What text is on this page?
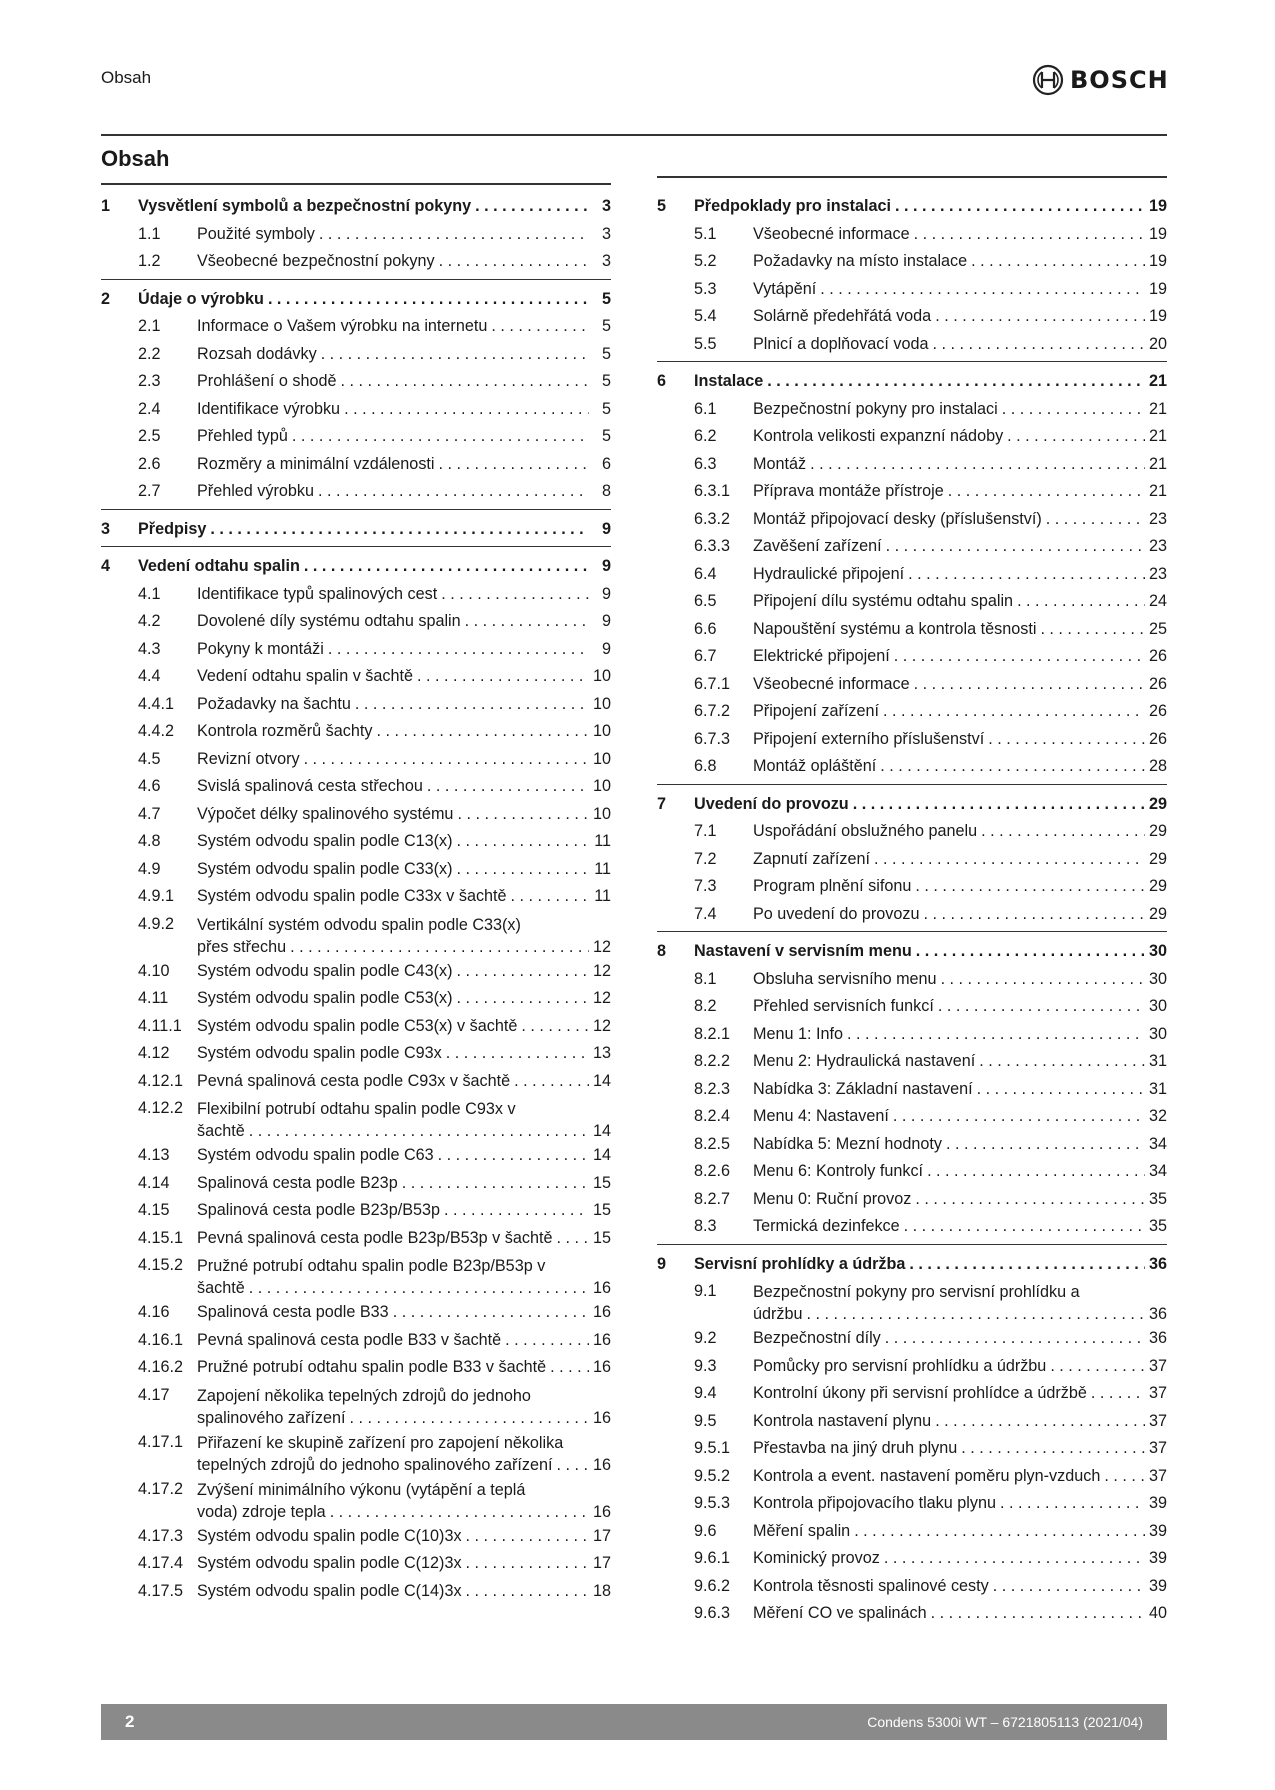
Obsah	BOSCH
Obsah
1 Vysvětlení symbolů a bezpečnostní pokyny . . .	3
1.1 Použité symboly . . .	3
1.2 Všeobecné bezpečnostní pokyny . . .	3
2 Údaje o výrobku . . .	5
2.1 Informace o Vašem výrobku na internetu . . .	5
2.2 Rozsah dodávky . . .	5
2.3 Prohlášení o shodě . . .	5
2.4 Identifikace výrobku . . .	5
2.5 Přehled typů . . .	5
2.6 Rozměry a minimální vzdálenosti . . .	6
2.7 Přehled výrobku . . .	8
3 Předpisy . . .	9
4 Vedení odtahu spalin . . .	9
4.1 Identifikace typů spalinových cest . . .	9
4.2 Dovolené díly systému odtahu spalin . . .	9
4.3 Pokyny k montáži . . .	9
4.4 Vedení odtahu spalin v šachtě . . .	10
4.4.1 Požadavky na šachtu . . .	10
4.4.2 Kontrola rozměrů šachty . . .	10
4.5 Revizní otvory . . .	10
4.6 Svislá spalinová cesta střechou . . .	10
4.7 Výpočet délky spalinového systému . . .	10
4.8 Systém odvodu spalin podle C13(x) . . .	11
4.9 Systém odvodu spalin podle C33(x) . . .	11
4.9.1 Systém odvodu spalin podle C33x v šachtě . . .	11
4.9.2 Vertikální systém odvodu spalin podle C33(x)
přes střechu . . .	12
4.10 Systém odvodu spalin podle C43(x) . . .	12
4.11 Systém odvodu spalin podle C53(x) . . .	12
4.11.1 Systém odvodu spalin podle C53(x) v šachtě . . .	12
4.12 Systém odvodu spalin podle C93x . . .	13
4.12.1 Pevná spalinová cesta podle C93x v šachtě . . .	14
4.12.2 Flexibilní potrubí odtahu spalin podle C93x v
šachtě . . .	14
4.13 Systém odvodu spalin podle C63 . . .	14
4.14 Spalinová cesta podle B23p . . .	15
4.15 Spalinová cesta podle B23p/B53p . . .	15
4.15.1 Pevná spalinová cesta podle B23p/B53p v šachtě . . .	15
4.15.2 Pružné potrubí odtahu spalin podle B23p/B53p v
šachtě . . .	16
4.16 Spalinová cesta podle B33 . . .	16
4.16.1 Pevná spalinová cesta podle B33 v šachtě . . .	16
4.16.2 Pružné potrubí odtahu spalin podle B33 v šachtě . . .	16
4.17 Zapojení několika tepelných zdrojů do jednoho
spalinového zařízení . . .	16
4.17.1 Přiřazení ke skupině zařízení pro zapojení několika
tepelných zdrojů do jednoho spalinového zařízení . . .	16
4.17.2 Zvýšení minimálního výkonu (vytápění a teplá
voda) zdroje tepla . . .	16
4.17.3 Systém odvodu spalin podle C(10)3x . . .	17
4.17.4 Systém odvodu spalin podle C(12)3x . . .	17
4.17.5 Systém odvodu spalin podle C(14)3x . . .	18
5 Předpoklady pro instalaci . . .	19
5.1 Všeobecné informace . . .	19
5.2 Požadavky na místo instalace . . .	19
5.3 Vytápění . . .	19
5.4 Solárně předehřátá voda . . .	19
5.5 Plnicí a doplňovací voda . . .	20
6 Instalace . . .	21
6.1 Bezpečnostní pokyny pro instalaci . . .	21
6.2 Kontrola velikosti expanzní nádoby . . .	21
6.3 Montáž . . .	21
6.3.1 Příprava montáže přístroje . . .	21
6.3.2 Montáž připojovací desky (příslušenství) . . .	23
6.3.3 Zavěšení zařízení . . .	23
6.4 Hydraulické připojení . . .	23
6.5 Připojení dílu systému odtahu spalin . . .	24
6.6 Napouštění systému a kontrola těsnosti . . .	25
6.7 Elektrické připojení . . .	26
6.7.1 Všeobecné informace . . .	26
6.7.2 Připojení zařízení . . .	26
6.7.3 Připojení externího příslušenství . . .	26
6.8 Montáž opláštění . . .	28
7 Uvedení do provozu . . .	29
7.1 Uspořádání obslužného panelu . . .	29
7.2 Zapnutí zařízení . . .	29
7.3 Program plnění sifonu . . .	29
7.4 Po uvedení do provozu . . .	29
8 Nastavení v servisním menu . . .	30
8.1 Obsluha servisního menu . . .	30
8.2 Přehled servisních funkcí . . .	30
8.2.1 Menu 1: Info . . .	30
8.2.2 Menu 2: Hydraulická nastavení . . .	31
8.2.3 Nabídka 3: Základní nastavení . . .	31
8.2.4 Menu 4: Nastavení . . .	32
8.2.5 Nabídka 5: Mezní hodnoty . . .	34
8.2.6 Menu 6: Kontroly funkcí . . .	34
8.2.7 Menu 0: Ruční provoz . . .	35
8.3 Termická dezinfekce . . .	35
9 Servisní prohlídky a údržba . . .	36
9.1 Bezpečnostní pokyny pro servisní prohlídku a
údržbu . . .	36
9.2 Bezpečnostní díly . . .	36
9.3 Pomůcky pro servisní prohlídku a údržbu . . .	37
9.4 Kontrolní úkony při servisní prohlídce a údržbě . . .	37
9.5 Kontrola nastavení plynu . . .	37
9.5.1 Přestavba na jiný druh plynu . . .	37
9.5.2 Kontrola a event. nastavení poměru plyn-vzduch . . .	37
9.5.3 Kontrola připojovacího tlaku plynu . . .	39
9.6 Měření spalin . . .	39
9.6.1 Kominický provoz . . .	39
9.6.2 Kontrola těsnosti spalinové cesty . . .	39
9.6.3 Měření CO ve spalinách . . .	40
2	Condens 5300i WT – 6721805113 (2021/04)
